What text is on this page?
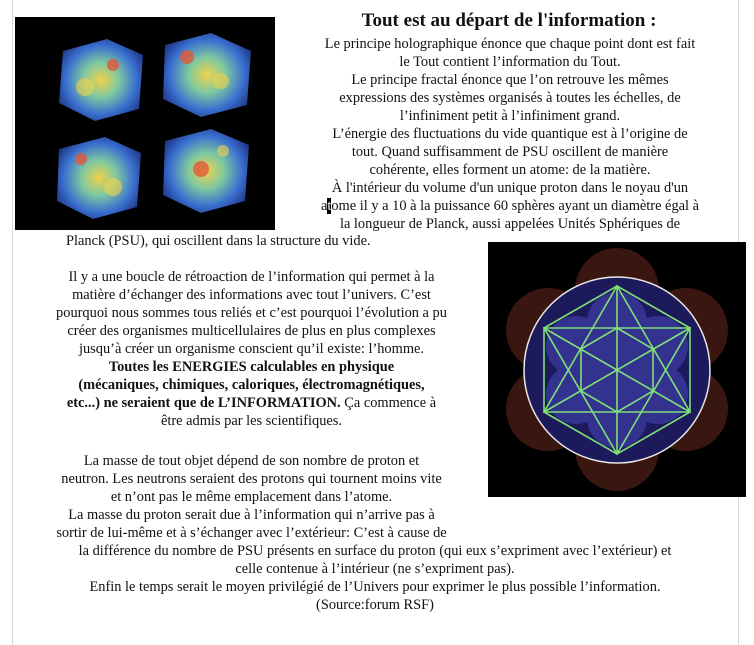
Tout est au départ de l'information :
Le principe holographique énonce que chaque point dont est fait
le Tout contient l’information du Tout.
Le principe fractal énonce que l’on retrouve les mêmes
expressions des systèmes organisés à toutes les échelles, de
l’infiniment petit à l’infiniment grand.
L’énergie des fluctuations du vide quantique est à l’origine de
tout. Quand suffisamment de PSU oscillent de manière
cohérente, elles forment un atome: de la matière.
À l'intérieur du volume d'un unique proton dans le noyau d'un
atome il y a 10 à la puissance 60 sphères ayant un diamètre égal à
la longueur de Planck, aussi appelées Unités Sphériques de
Planck (PSU), qui oscillent dans la structure du vide.
Il y a une boucle de rétroaction de l’information qui permet à la
matière d’échanger des informations avec tout l’univers. C’est
pourquoi nous sommes tous reliés et c’est pourquoi l’évolution a pu
créer des organismes multicellulaires de plus en plus complexes
jusqu’à créer un organisme conscient qu’il existe: l’homme.
Toutes les ENERGIES calculables en physique
(mécaniques, chimiques, caloriques, électromagnétiques,
etc...) ne seraient que de L’INFORMATION. Ça commence à
être admis par les scientifiques.
La masse de tout objet dépend de son nombre de proton et
neutron. Les neutrons seraient des protons qui tournent moins vite
et n’ont pas le même emplacement dans l’atome.
La masse du proton serait due à l’information qui n’arrive pas à
sortir de lui-même et à s’échanger avec l’extérieur: C’est à cause de
la différence du nombre de PSU présents en surface du proton (qui eux s’expriment avec l’extérieur) et
celle contenue à l’intérieur (ne s’expriment pas).
Enfin le temps serait le moyen privilégié de l’Univers pour exprimer le plus possible l’information.
(Source:forum RSF)
